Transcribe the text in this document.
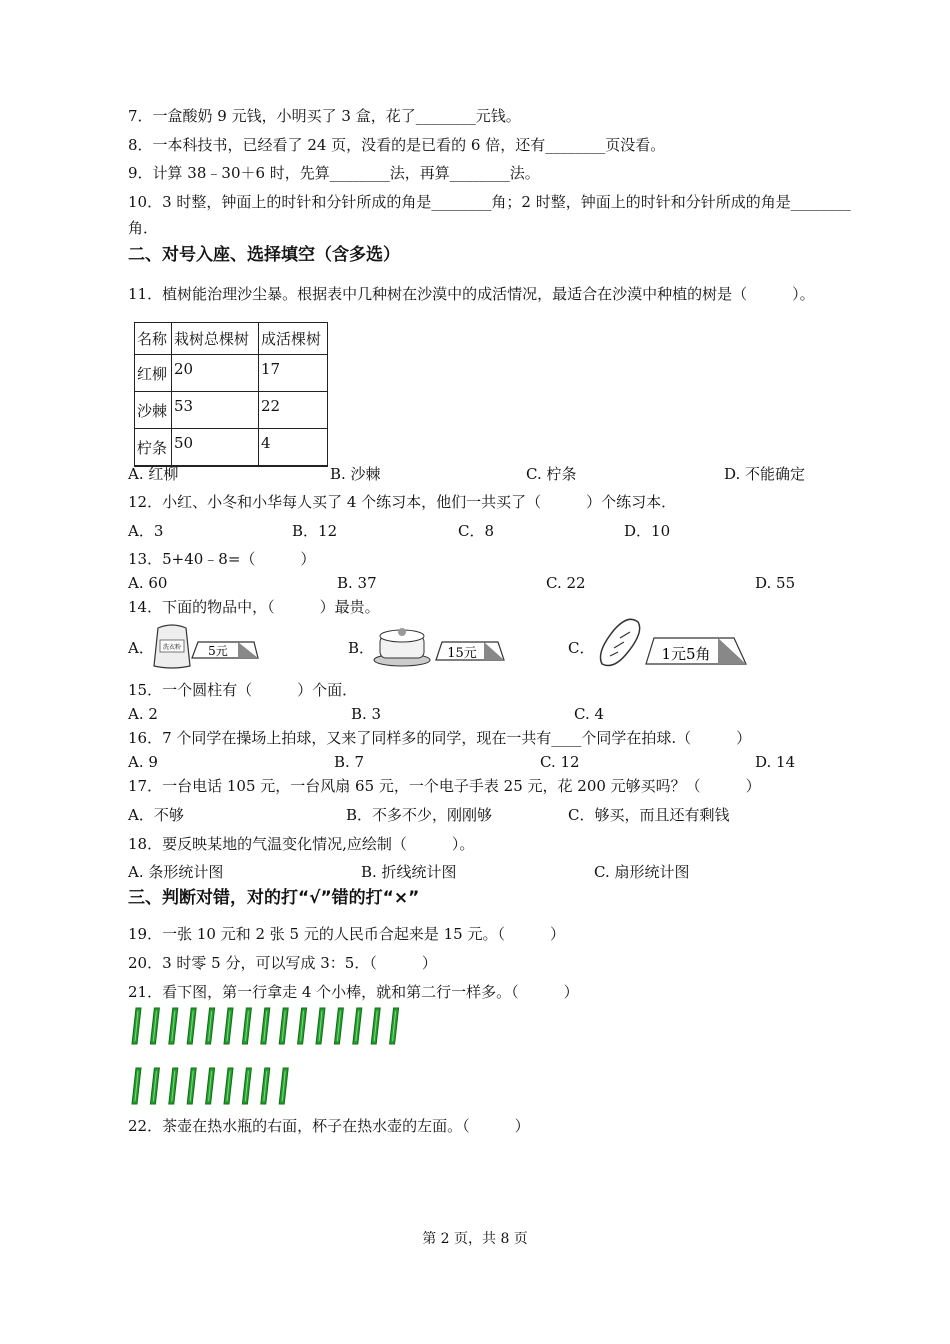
7．一盒酸奶 9 元钱，小明买了 3 盒，花了________元钱。
8．一本科技书，已经看了 24 页，没看的是已看的 6 倍，还有________页没看。
9．计算 38﹣30＋6 时，先算________法，再算________法。
10．3 时整，钟面上的时针和分针所成的角是________角；2 时整，钟面上的时针和分针所成的角是________
角．
二、对号入座、选择填空（含多选）
11．植树能治理沙尘暴。根据表中几种树在沙漠中的成活情况，最适合在沙漠中种植的树是（　　　）。
名称	栽树总棵树	成活棵树
红柳	20	17
沙棘	53	22
柠条	50	4
A. 红柳	B. 沙棘	C. 柠条	D. 不能确定
12．小红、小冬和小华每人买了 4 个练习本，他们一共买了（　　　）个练习本．
A．3	B．12	C．8	D．10
13．5+40﹣8=（　　　）
A. 60	B. 37	C. 22	D. 55
14．下面的物品中，（　　　）最贵。
A． 洗衣粉 5元	B．	15元	C．	1元5角
15．一个圆柱有（　　　）个面．
A. 2	B. 3	C. 4
16．7 个同学在操场上拍球，又来了同样多的同学，现在一共有____个同学在拍球.（　　　）
A. 9	B. 7	C. 12	D. 14
17．一台电话 105 元，一台风扇 65 元，一个电子手表 25 元，花 200 元够买吗？（　　　）
A．不够	B．不多不少，刚刚够	C．够买，而且还有剩钱
18．要反映某地的气温变化情况,应绘制（　　　）。
A. 条形统计图	B. 折线统计图	C. 扇形统计图
三、判断对错，对的打“√”错的打“×”
19．一张 10 元和 2 张 5 元的人民币合起来是 15 元。（　　　）
20．3 时零 5 分，可以写成 3：5．（　　　）
21．看下图，第一行拿走 4 个小棒，就和第二行一样多。（　　　）
22．茶壶在热水瓶的右面，杯子在热水壶的左面。（　　　）
第 2 页，共 8 页
